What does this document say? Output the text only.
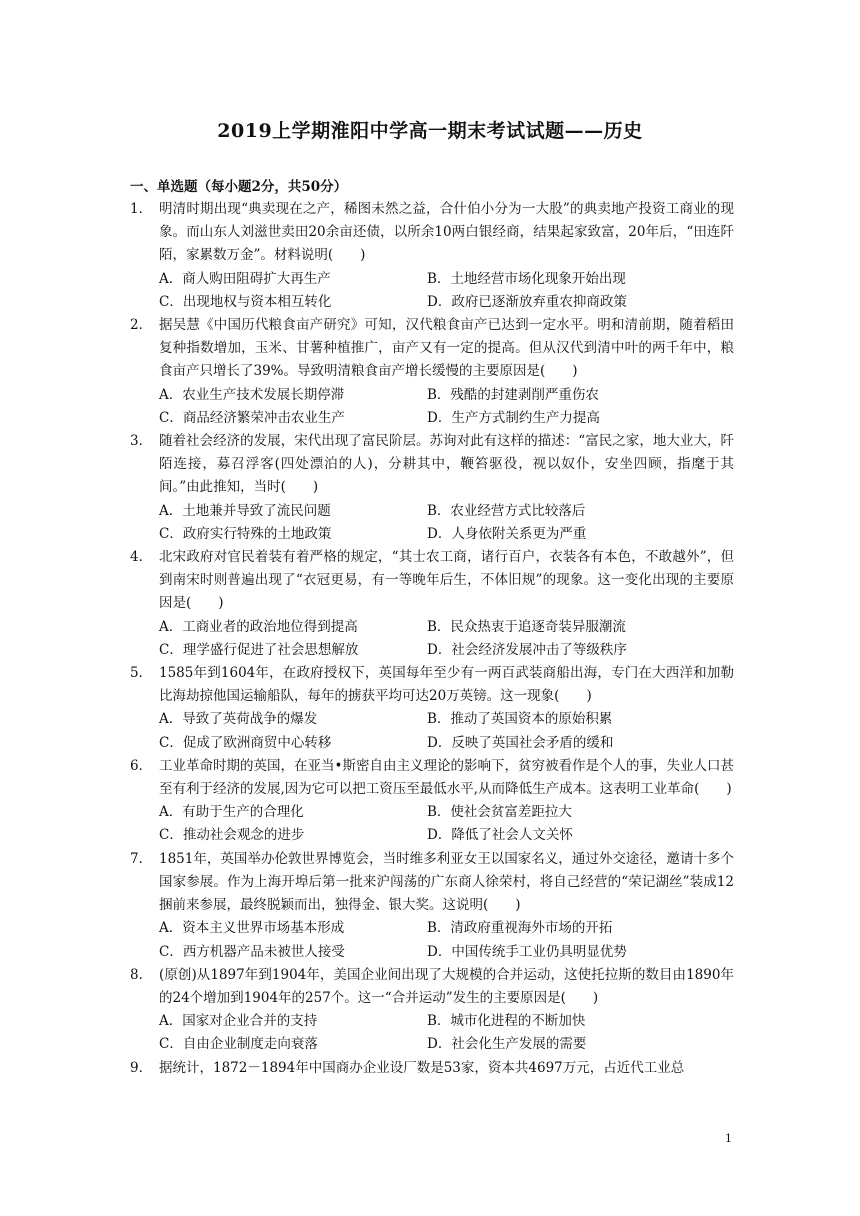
2019上学期淮阳中学高一期末考试试题——历史
一、单选题（每小题2分，共50分）
1． 明清时期出现“典卖现在之产，稀图未然之益，合什伯小分为一大股”的典卖地产投资工商业的现象。而山东人刘滋世卖田20余亩还债，以所余10两白银经商，结果起家致富，20年后，“田连阡陌，家累数万金”。材料说明(　　)
A．商人购田阻碍扩大再生产	B．土地经营市场化现象开始出现
C．出现地权与资本相互转化	D．政府已逐渐放弃重农抑商政策
2． 据吴慧《中国历代粮食亩产研究》可知，汉代粮食亩产已达到一定水平。明和清前期，随着稻田复种指数增加，玉米、甘薯种植推广，亩产又有一定的提高。但从汉代到清中叶的两千年中，粮食亩产只增长了39%。导致明清粮食亩产增长缓慢的主要原因是(　　)
A．农业生产技术发展长期停滞	B．残酷的封建剥削严重伤农
C．商品经济繁荣冲击农业生产	D．生产方式制约生产力提高
3． 随着社会经济的发展，宋代出现了富民阶层。苏询对此有这样的描述：“富民之家，地大业大，阡陌连接，募召浮客(四处漂泊的人)，分耕其中，鞭笞驱役，视以奴仆，安坐四顾，指麾于其间。”由此推知，当时(　　)
A．土地兼并导致了流民问题	B．农业经营方式比较落后
C．政府实行特殊的土地政策	D．人身依附关系更为严重
4． 北宋政府对官民着装有着严格的规定，“其士农工商，诸行百户，衣装各有本色，不敢越外”，但到南宋时则普遍出现了“衣冠更易，有一等晚年后生，不体旧规”的现象。这一变化出现的主要原因是(　　)
A．工商业者的政治地位得到提高	B．民众热衷于追逐奇装异服潮流
C．理学盛行促进了社会思想解放	D．社会经济发展冲击了等级秩序
5． 1585年到1604年，在政府授权下，英国每年至少有一两百武装商船出海，专门在大西洋和加勒比海劫掠他国运输船队，每年的掳获平均可达20万英镑。这一现象(　　)
A．导致了英荷战争的爆发	B．推动了英国资本的原始积累
C．促成了欧洲商贸中心转移	D．反映了英国社会矛盾的缓和
6． 工业革命时期的英国，在亚当•斯密自由主义理论的影响下，贫穷被看作是个人的事，失业人口甚至有利于经济的发展,因为它可以把工资压至最低水平,从而降低生产成本。这表明工业革命(　　)
A．有助于生产的合理化	B．使社会贫富差距拉大
C．推动社会观念的进步	D．降低了社会人文关怀
7． 1851年，英国举办伦敦世界博览会，当时维多利亚女王以国家名义，通过外交途径，邀请十多个国家参展。作为上海开埠后第一批来沪闯荡的广东商人徐荣村，将自己经营的“荣记湖丝”装成12捆前来参展，最终脱颖而出，独得金、银大奖。这说明(　　)
A．资本主义世界市场基本形成	B．清政府重视海外市场的开拓
C．西方机器产品未被世人接受	D．中国传统手工业仍具明显优势
8． (原创)从1897年到1904年，美国企业间出现了大规模的合并运动，这使托拉斯的数目由1890年的24个增加到1904年的257个。这一“合并运动”发生的主要原因是(　　)
A．国家对企业合并的支持	B．城市化进程的不断加快
C．自由企业制度走向衰落	D．社会化生产发展的需要
9． 据统计，1872－1894年中国商办企业设厂数是53家，资本共4697万元，占近代工业总
1
